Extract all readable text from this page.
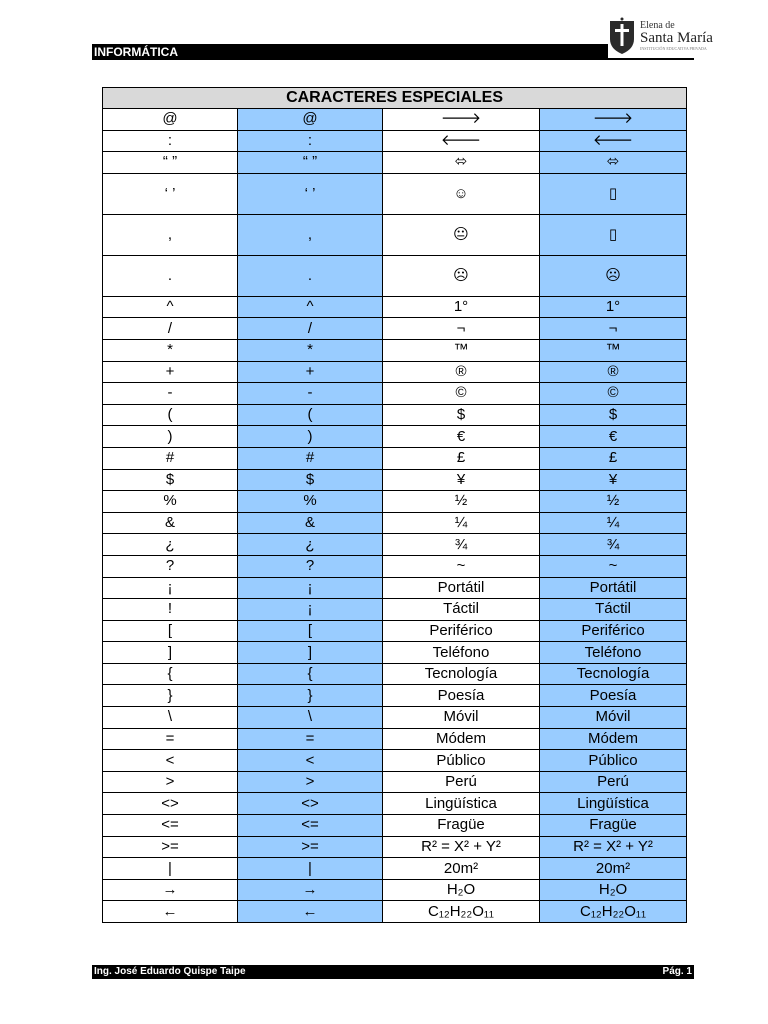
INFORMÁTICA
Elena de
Santa María
INSTITUCIÓN EDUCATIVA PRIVADA
CARACTERES ESPECIALES			
@	@	🡒	🡒
:	:	🡐	🡐
“ ”	“ ”	⬄	⬄
‘ ’	‘ ’	☺	▯
,	,	😐	▯
.	.	☹	☹
^	^	1°	1°
/	/	¬	¬
*	*	™	™
+	+	®	®
-	-	©	©
(	(	$	$
)	)	€	€
#	#	£	£
$	$	¥	¥
%	%	½	½
&	&	¼	¼
¿	¿	¾	¾
?	?	~	~
¡	¡	Portátil	Portátil
!	¡	Táctil	Táctil
[	[	Periférico	Periférico
]	]	Teléfono	Teléfono
{	{	Tecnología	Tecnología
}	}	Poesía	Poesía
\	\	Móvil	Móvil
=	=	Módem	Módem
<	<	Público	Público
>	>	Perú	Perú
<>	<>	Lingüística	Lingüística
<=	<=	Fragüe	Fragüe
>=	>=	R² = X² + Y²	R² = X² + Y²
|	|	20m²	20m²
→	→	H₂O	H₂O
←	←	C₁₂H₂₂O₁₁	C₁₂H₂₂O₁₁
Ing. José Eduardo Quispe Taipe	Pág. 1
